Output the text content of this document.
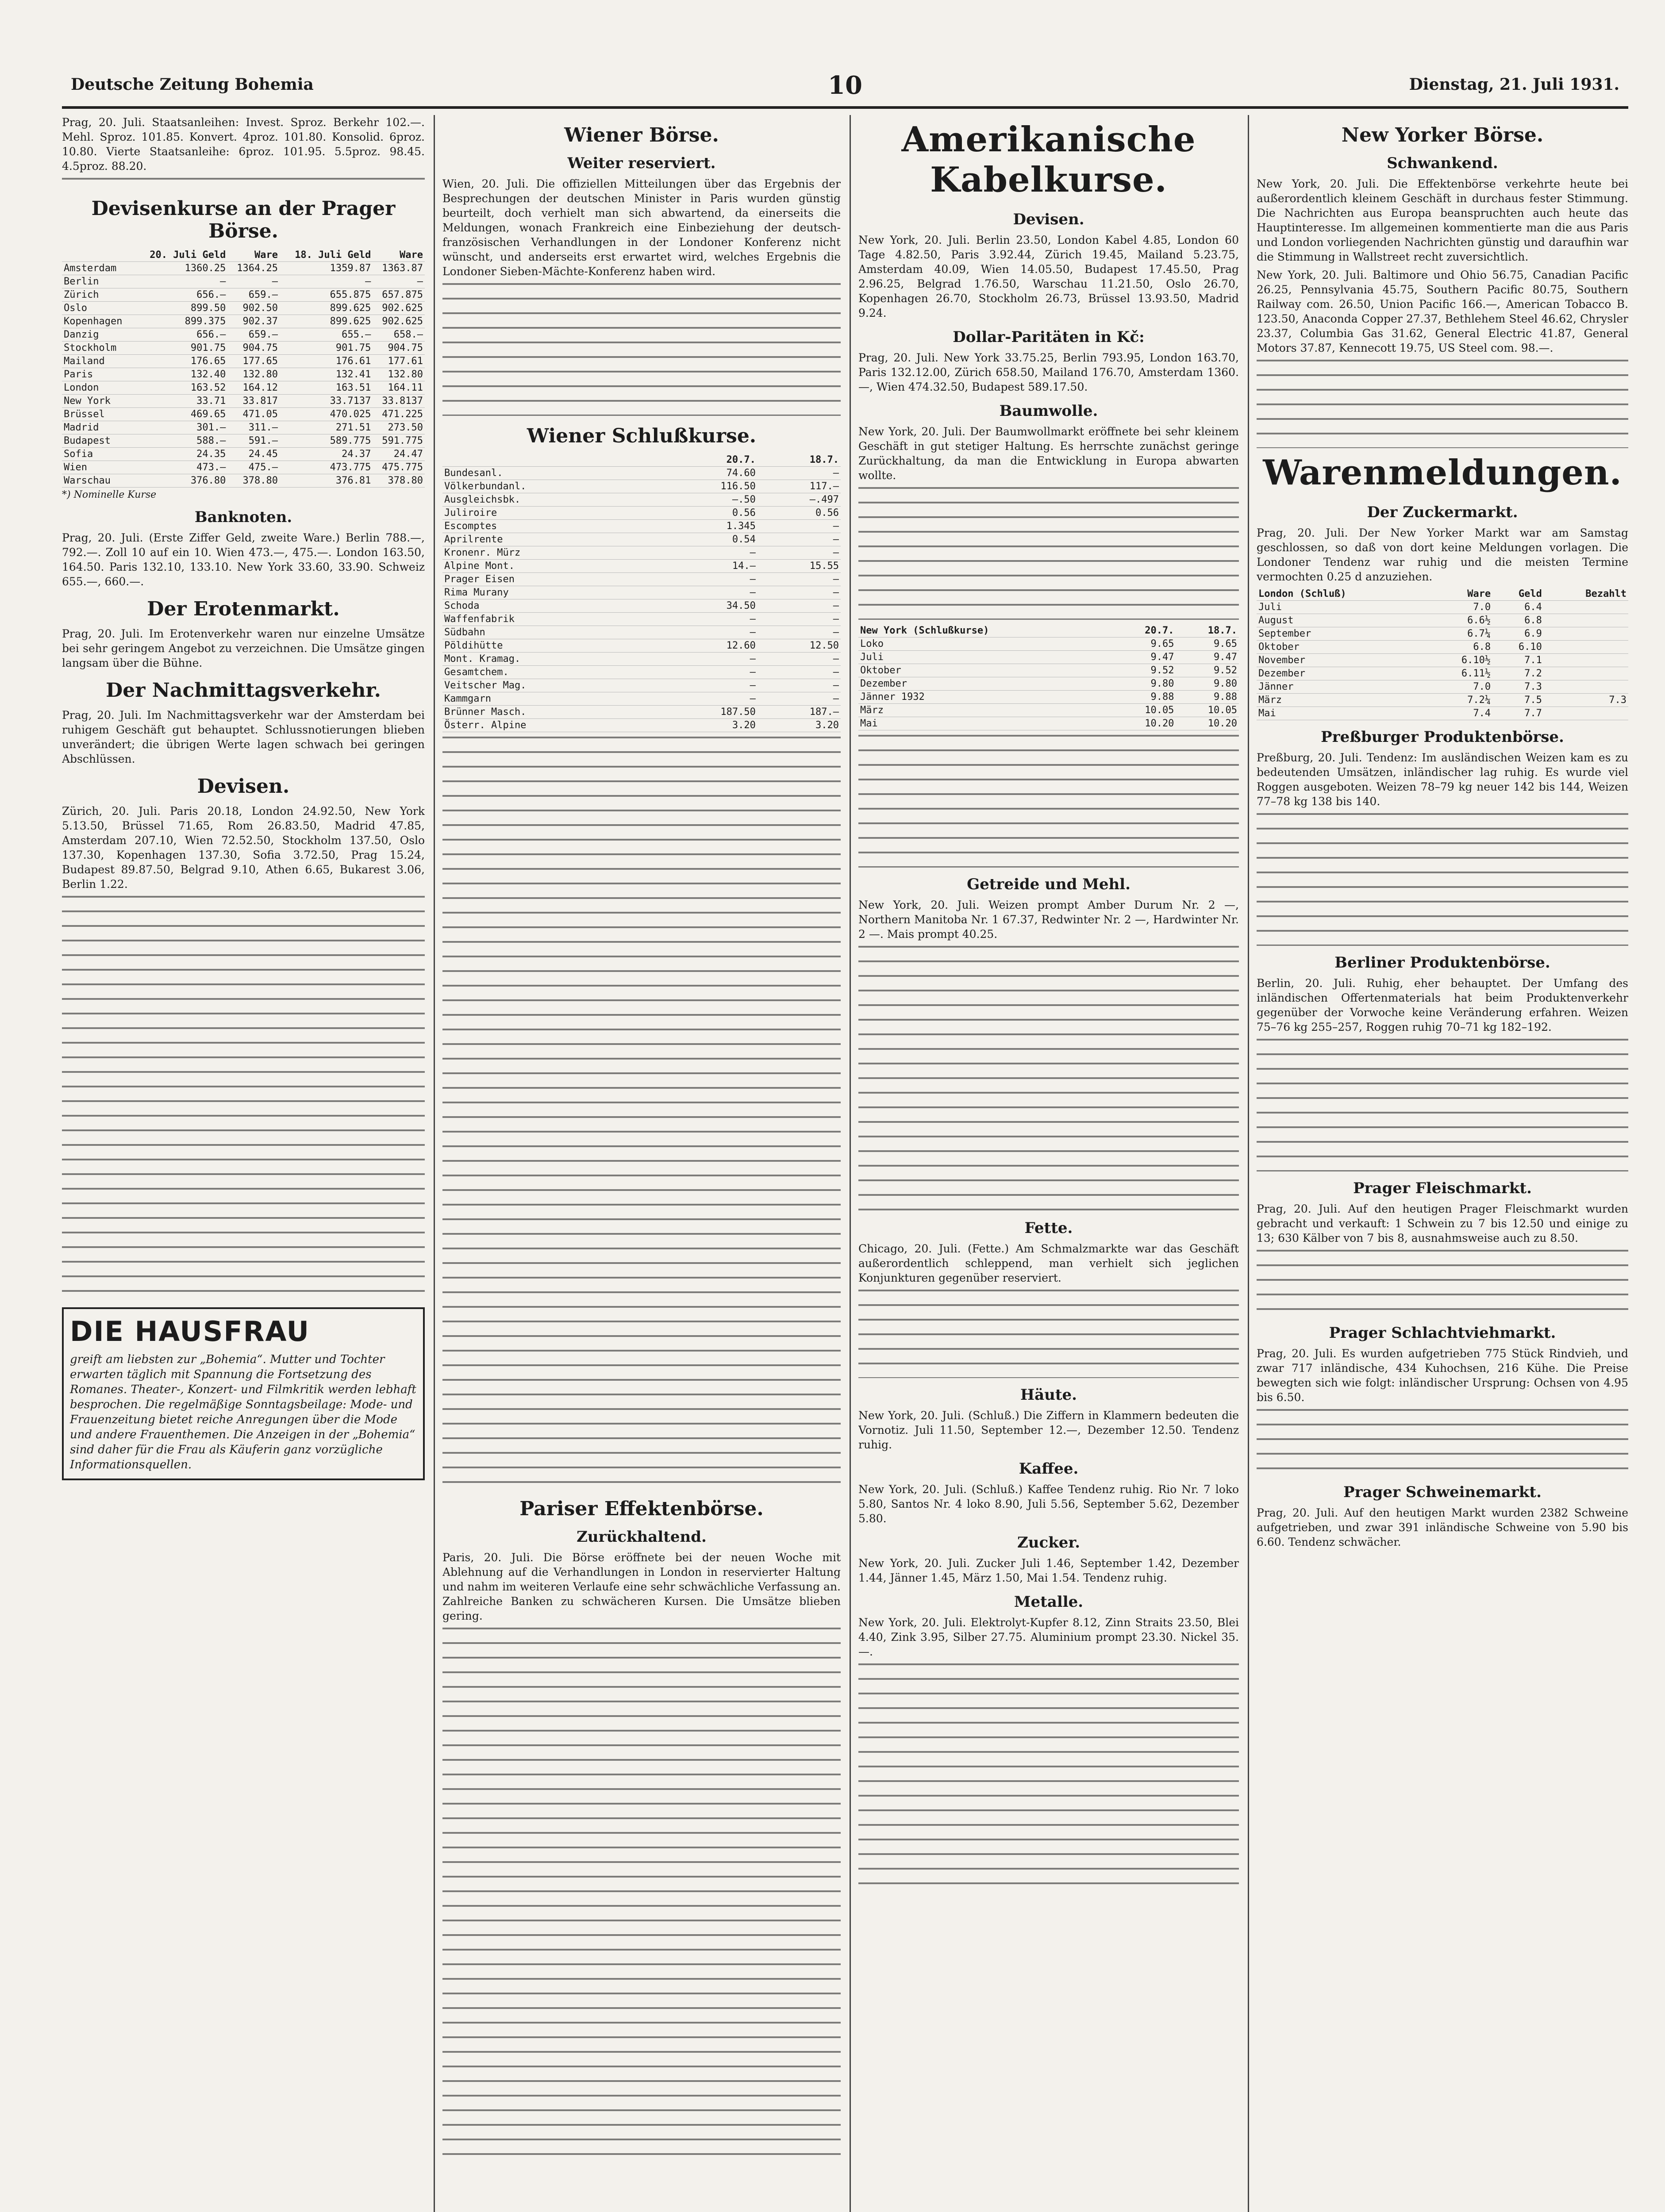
Deutsche Zeitung Bohemia	10	Dienstag, 21. Juli 1931.

Prag, 20. Juli. Staatsanleihen: Invest. Sproz. Berkehr 102.—. Mehl. Sproz. 101.85. Konvert. 4proz. 101.80. Konsolid. 6proz. 10.80. Vierte Staatsanleihe: 6proz. 101.95. 5.5proz. 98.45. 4.5proz. 88.20.

Devisenkurse an der Prager Börse.
	20. Juli Geld	Ware	18. Juli Geld	Ware
Amsterdam	1360.25	1364.25	1359.87	1363.87
Berlin	—	—	—	—
Zürich	656.—	659.—	655.875	657.875
Oslo	899.50	902.50	899.625	902.625
Kopenhagen	899.375	902.37	899.625	902.625
Danzig	656.—	659.—	655.—	658.—
Stockholm	901.75	904.75	901.75	904.75
Mailand	176.65	177.65	176.61	177.61
Paris	132.40	132.80	132.41	132.80
London	163.52	164.12	163.51	164.11
New York	33.71	33.817	33.7137	33.8137
Brüssel	469.65	471.05	470.025	471.225
Madrid	301.—	311.—	271.51	273.50
Budapest	588.—	591.—	589.775	591.775
Sofia	24.35	24.45	24.37	24.47
Wien	473.—	475.—	473.775	475.775
Warschau	376.80	378.80	376.81	378.80
*) Nominelle Kurse
Banknoten.

Prag, 20. Juli. (Erste Ziffer Geld, zweite Ware.) Berlin 788.—, 792.—. Zoll 10 auf ein 10. Wien 473.—, 475.—. London 163.50, 164.50. Paris 132.10, 133.10. New York 33.60, 33.90. Schweiz 655.—, 660.—.

Der Erotenmarkt.

Prag, 20. Juli. Im Erotenverkehr waren nur einzelne Umsätze bei sehr geringem Angebot zu verzeichnen. Die Umsätze gingen langsam über die Bühne.

Der Nachmittagsverkehr.

Prag, 20. Juli. Im Nachmittagsverkehr war der Amsterdam bei ruhigem Geschäft gut behauptet. Schlussnotierungen blieben unverändert; die übrigen Werte lagen schwach bei geringen Abschlüssen.

Devisen.

Zürich, 20. Juli. Paris 20.18, London 24.92.50, New York 5.13.50, Brüssel 71.65, Rom 26.83.50, Madrid 47.85, Amsterdam 207.10, Wien 72.52.50, Stockholm 137.50, Oslo 137.30, Kopenhagen 137.30, Sofia 3.72.50, Prag 15.24, Budapest 89.87.50, Belgrad 9.10, Athen 6.65, Bukarest 3.06, Berlin 1.22.

DIE HAUSFRAU
greift am liebsten zur „Bohemia“. Mutter und Tochter erwarten täglich mit Spannung die Fortsetzung des Romanes. Theater-, Konzert- und Filmkritik werden lebhaft besprochen. Die regelmäßige Sonntagsbeilage: Mode- und Frauenzeitung bietet reiche Anregungen über die Mode und andere Frauenthemen. Die Anzeigen in der „Bohemia“ sind daher für die Frau als Käuferin ganz vorzügliche Informationsquellen.
Wiener Börse.
Weiter reserviert.

Wien, 20. Juli. Die offiziellen Mitteilungen über das Ergebnis der Besprechungen der deutschen Minister in Paris wurden günstig beurteilt, doch verhielt man sich abwartend, da einerseits die Meldungen, wonach Frankreich eine Einbeziehung der deutsch-französischen Verhandlungen in der Londoner Konferenz nicht wünscht, und anderseits erst erwartet wird, welches Ergebnis die Londoner Sieben-Mächte-Konferenz haben wird.

Wiener Schlußkurse.
	20.7.	18.7.
Bundesanl.	74.60	—
Völkerbundanl.	116.50	117.—
Ausgleichsbk.	—.50	—.497
Juliroire	0.56	0.56
Escomptes	1.345	—
Aprilrente	0.54	—
Kronenr. Mürz	—	—
Alpine Mont.	14.—	15.55
Prager Eisen	—	—
Rima Murany	—	—
Schoda	34.50	—
Waffenfabrik	—	—
Südbahn	—	—
Pöldihütte	12.60	12.50
Mont. Kramag.	—	—
Gesamtchem.	—	—
Veitscher Mag.	—	—
Kammgarn	—	—
Brünner Masch.	187.50	187.—
Österr. Alpine	3.20	3.20
Pariser Effektenbörse.
Zurückhaltend.

Paris, 20. Juli. Die Börse eröffnete bei der neuen Woche mit Ablehnung auf die Verhandlungen in London in reservierter Haltung und nahm im weiteren Verlaufe eine sehr schwächliche Verfassung an. Zahlreiche Banken zu schwächeren Kursen. Die Umsätze blieben gering.

Amerikanische Kabelkurse.
Devisen.

New York, 20. Juli. Berlin 23.50, London Kabel 4.85, London 60 Tage 4.82.50, Paris 3.92.44, Zürich 19.45, Mailand 5.23.75, Amsterdam 40.09, Wien 14.05.50, Budapest 17.45.50, Prag 2.96.25, Belgrad 1.76.50, Warschau 11.21.50, Oslo 26.70, Kopenhagen 26.70, Stockholm 26.73, Brüssel 13.93.50, Madrid 9.24.

Dollar-Paritäten in Kč:

Prag, 20. Juli. New York 33.75.25, Berlin 793.95, London 163.70, Paris 132.12.00, Zürich 658.50, Mailand 176.70, Amsterdam 1360.—, Wien 474.32.50, Budapest 589.17.50.

Baumwolle.

New York, 20. Juli. Der Baumwollmarkt eröffnete bei sehr kleinem Geschäft in gut stetiger Haltung. Es herrschte zunächst geringe Zurückhaltung, da man die Entwicklung in Europa abwarten wollte.

New York (Schlußkurse)	20.7.	18.7.
Loko	9.65	9.65
Juli	9.47	9.47
Oktober	9.52	9.52
Dezember	9.80	9.80
Jänner 1932	9.88	9.88
März	10.05	10.05
Mai	10.20	10.20
Getreide und Mehl.

New York, 20. Juli. Weizen prompt Amber Durum Nr. 2 —, Northern Manitoba Nr. 1 67.37, Redwinter Nr. 2 —, Hardwinter Nr. 2 —. Mais prompt 40.25.

Fette.

Chicago, 20. Juli. (Fette.) Am Schmalzmarkte war das Geschäft außerordentlich schleppend, man verhielt sich jeglichen Konjunkturen gegenüber reserviert.

Häute.

New York, 20. Juli. (Schluß.) Die Ziffern in Klammern bedeuten die Vornotiz. Juli 11.50, September 12.—, Dezember 12.50. Tendenz ruhig.

Kaffee.

New York, 20. Juli. (Schluß.) Kaffee Tendenz ruhig. Rio Nr. 7 loko 5.80, Santos Nr. 4 loko 8.90, Juli 5.56, September 5.62, Dezember 5.80.

Zucker.

New York, 20. Juli. Zucker Juli 1.46, September 1.42, Dezember 1.44, Jänner 1.45, März 1.50, Mai 1.54. Tendenz ruhig.

Metalle.

New York, 20. Juli. Elektrolyt-Kupfer 8.12, Zinn Straits 23.50, Blei 4.40, Zink 3.95, Silber 27.75. Aluminium prompt 23.30. Nickel 35.—.

New Yorker Börse.
Schwankend.

New York, 20. Juli. Die Effektenbörse verkehrte heute bei außerordentlich kleinem Geschäft in durchaus fester Stimmung. Die Nachrichten aus Europa beanspruchten auch heute das Hauptinteresse. Im allgemeinen kommentierte man die aus Paris und London vorliegenden Nachrichten günstig und daraufhin war die Stimmung in Wallstreet recht zuversichtlich.

New York, 20. Juli. Baltimore und Ohio 56.75, Canadian Pacific 26.25, Pennsylvania 45.75, Southern Pacific 80.75, Southern Railway com. 26.50, Union Pacific 166.—, American Tobacco B. 123.50, Anaconda Copper 27.37, Bethlehem Steel 46.62, Chrysler 23.37, Columbia Gas 31.62, General Electric 41.87, General Motors 37.87, Kennecott 19.75, US Steel com. 98.—.

Warenmeldungen.
Der Zuckermarkt.

Prag, 20. Juli. Der New Yorker Markt war am Samstag geschlossen, so daß von dort keine Meldungen vorlagen. Die Londoner Tendenz war ruhig und die meisten Termine vermochten 0.25 d anzuziehen.

London (Schluß)	Ware	Geld	Bezahlt
Juli	7.0	6.4	
August	6.6½	6.8	
September	6.7¼	6.9	
Oktober	6.8	6.10	
November	6.10½	7.1	
Dezember	6.11½	7.2	
Jänner	7.0	7.3	
März	7.2¼	7.5	7.3
Mai	7.4	7.7	
Preßburger Produktenbörse.

Preßburg, 20. Juli. Tendenz: Im ausländischen Weizen kam es zu bedeutenden Umsätzen, inländischer lag ruhig. Es wurde viel Roggen ausgeboten. Weizen 78–79 kg neuer 142 bis 144, Weizen 77–78 kg 138 bis 140.

Berliner Produktenbörse.

Berlin, 20. Juli. Ruhig, eher behauptet. Der Umfang des inländischen Offertenmaterials hat beim Produktenverkehr gegenüber der Vorwoche keine Veränderung erfahren. Weizen 75–76 kg 255–257, Roggen ruhig 70–71 kg 182–192.

Prager Fleischmarkt.

Prag, 20. Juli. Auf den heutigen Prager Fleischmarkt wurden gebracht und verkauft: 1 Schwein zu 7 bis 12.50 und einige zu 13; 630 Kälber von 7 bis 8, ausnahmsweise auch zu 8.50.

Prager Schlachtviehmarkt.

Prag, 20. Juli. Es wurden aufgetrieben 775 Stück Rindvieh, und zwar 717 inländische, 434 Kuhochsen, 216 Kühe. Die Preise bewegten sich wie folgt: inländischer Ursprung: Ochsen von 4.95 bis 6.50.

Prager Schweinemarkt.

Prag, 20. Juli. Auf den heutigen Markt wurden 2382 Schweine aufgetrieben, und zwar 391 inländische Schweine von 5.90 bis 6.60. Tendenz schwächer.
